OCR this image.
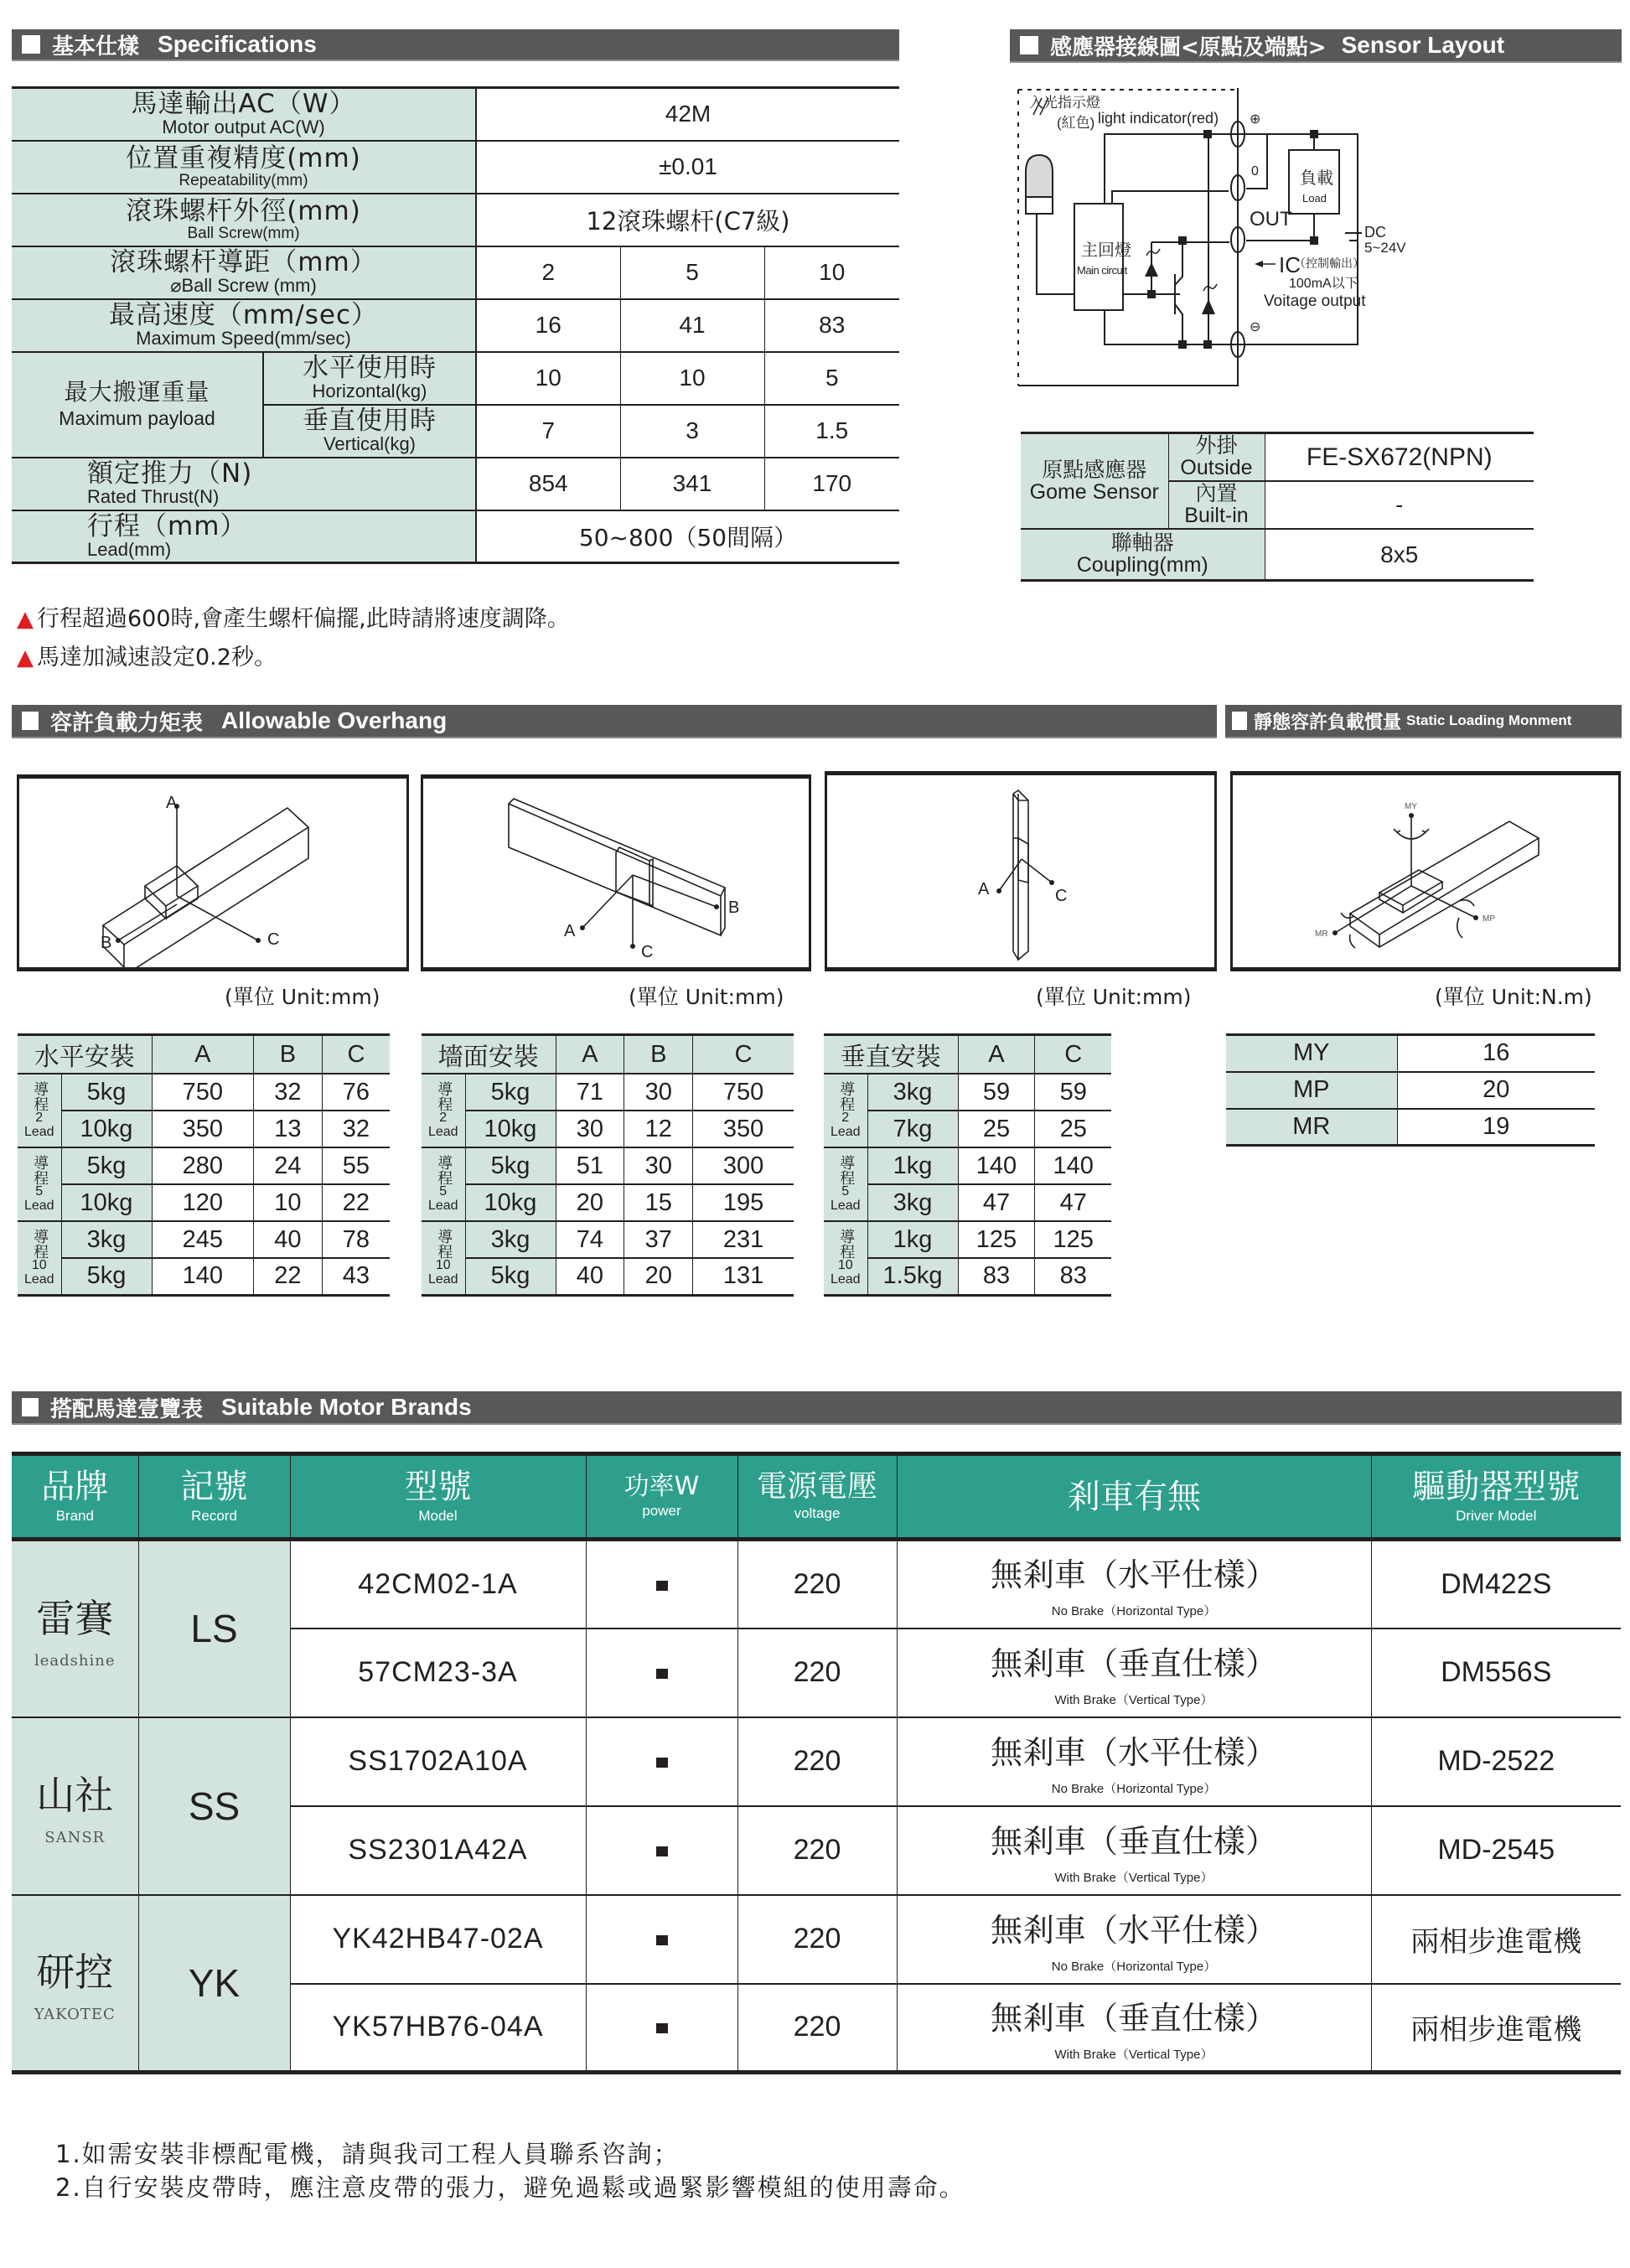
基本仕樣 Specifications
馬達輸出AC（W）
Motor output AC(W)		42M		

位置重複精度(mm)
Repeatability(mm)		±0.01		

滾珠螺杆外徑(mm)
Ball Screw(mm)		12滾珠螺杆(C7級)		

滾珠螺杆導距（mm）
⌀Ball Screw (mm)		2	5	10

最高速度（mm/sec）
Maximum Speed(mm/sec)		16	41	83

最大搬運重量
Maximum payload	水平使用時
Horizontal(kg)	10	10	5

	垂直使用時
Vertical(kg)	7	3	1.5

額定推力（N)
Rated Thrust(N)		854	341	170

行程（mm）
Lead(mm)		50~800（50間隔）		
感應器接線圖<原點及端點> Sensor Layout
入光指示燈
(紅色) light indicator(red)
主回燈
Main circuit
負載
Load
⊕
0
OUT
⊖
DC
5~24V
IC
（控制輸出）
100mA以下
Voitage output
原點感應器
Gome Sensor	外掛
Outside	FE-SX672(NPN)

	內置
Built-in	-

聯軸器
Coupling(mm)		8x5
▲ 行程超過600時,會產生螺杆偏擺,此時請將速度調降。
▲ 馬達加減速設定0.2秒。
容許負載力矩表 Allowable Overhang	靜態容許負載慣量 Static Loading Monment
A
B	C
B
A
C
A	C
MY
MP
MR
(單位 Unit:mm)	(單位 Unit:mm)	(單位 Unit:mm)	(單位 Unit:N.m)
水平安裝		A	B	C

導程
2
Lead	5kg	750	32	76
	10kg	350	13	32

導程
5
Lead	5kg	280	24	55
	10kg	120	10	22

導程
10
Lead	3kg	245	40	78
	5kg	140	22	43
墻面安裝		A	B	C

導程
2
Lead	5kg	71	30	750
	10kg	30	12	350

導程
5
Lead	5kg	51	30	300
	10kg	20	15	195

導程
10
Lead	3kg	74	37	231
	5kg	40	20	131
垂直安裝		A	C

導程
2
Lead	3kg	59	59
	7kg	25	25

導程
5
Lead	1kg	140	140
	3kg	47	47

導程
10
Lead	1kg	125	125
	1.5kg	83	83
MY	16
MP	20
MR	19
搭配馬達壹覽表 Suitable Motor Brands
品牌
Brand	記號
Record	型號
Model	功率W
power	電源電壓
voltage	剎車有無	驅動器型號
Driver Model

雷賽
leadshine	LS	42CM02-1A		220	無剎車（水平仕樣）
No Brake（Horizontal Type）	DM422S
		57CM23-3A		220	無剎車（垂直仕樣）
With Brake（Vertical Type）	DM556S

山社
SANSR	SS	SS1702A10A		220	無剎車（水平仕樣）
No Brake（Horizontal Type）	MD-2522
		SS2301A42A		220	無剎車（垂直仕樣）
With Brake（Vertical Type）	MD-2545

研控
YAKOTEC	YK	YK42HB47-02A		220	無剎車（水平仕樣）
No Brake（Horizontal Type）	兩相步進電機
		YK57HB76-04A		220	無剎車（垂直仕樣）
With Brake（Vertical Type）	兩相步進電機
1.如需安裝非標配電機，請與我司工程人員聯系咨詢；
2.自行安裝皮帶時，應注意皮帶的張力，避免過鬆或過緊影響模組的使用壽命。
